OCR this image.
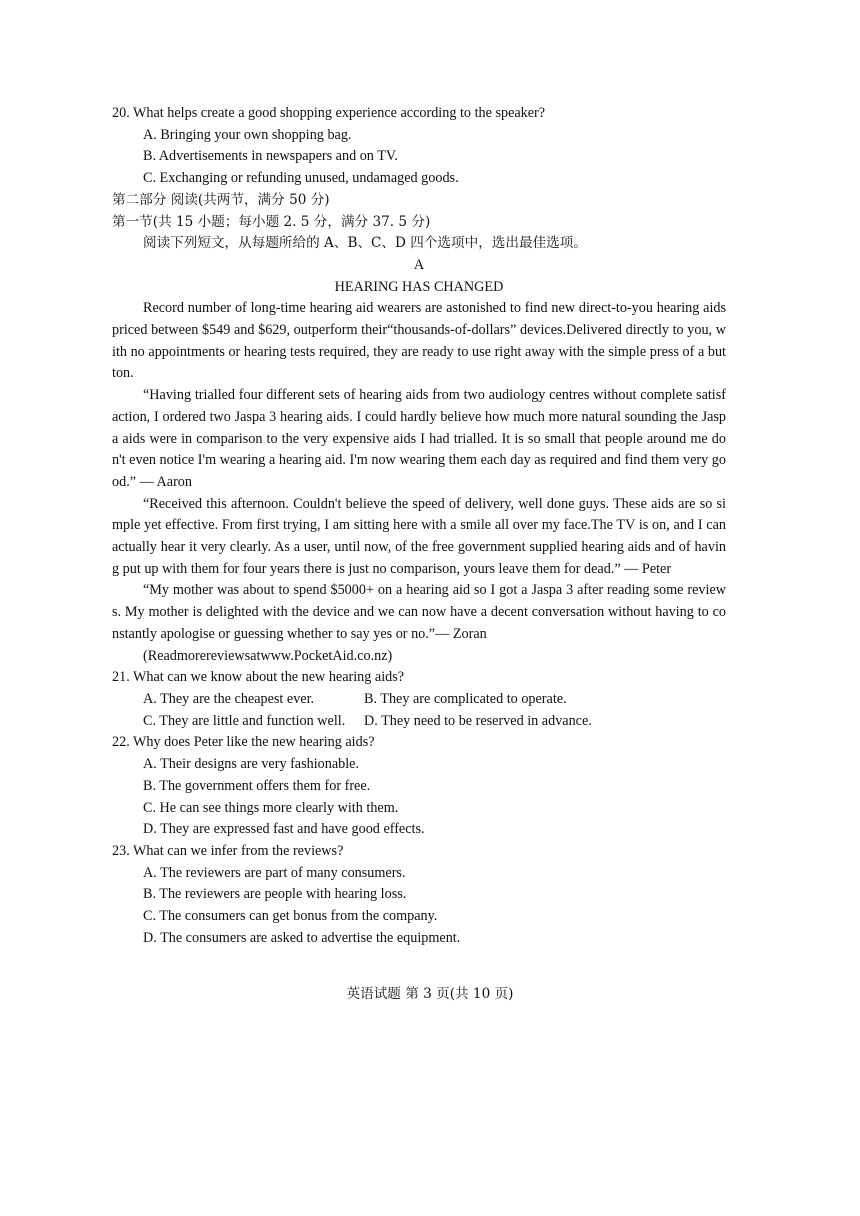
20. What helps create a good shopping experience according to the speaker?
A. Bringing your own shopping bag.
B. Advertisements in newspapers and on TV.
C. Exchanging or refunding unused, undamaged goods.
第二部分 阅读(共两节，满分 50 分)
第一节(共 15 小题；每小题 2. 5 分，满分 37. 5 分)
阅读下列短文，从每题所给的 A、B、C、D 四个选项中，选出最佳选项。
A
HEARING HAS CHANGED
Record number of long-time hearing aid wearers are astonished to find new direct-to-you hearing aids priced between $549 and $629, outperform their“thousands-of-dollars” devices.Delivered directly to you, with no appointments or hearing tests required, they are ready to use right away with the simple press of a button.
“Having trialled four different sets of hearing aids from two audiology centres without complete satisfaction, I ordered two Jaspa 3 hearing aids. I could hardly believe how much more natural sounding the Jaspa aids were in comparison to the very expensive aids I had trialled. It is so small that people around me don't even notice I'm wearing a hearing aid. I'm now wearing them each day as required and find them very good.” — Aaron
“Received this afternoon. Couldn't believe the speed of delivery, well done guys. These aids are so simple yet effective. From first trying, I am sitting here with a smile all over my face.The TV is on, and I can actually hear it very clearly. As a user, until now, of the free government supplied hearing aids and of having put up with them for four years there is just no comparison, yours leave them for dead.” — Peter
“My mother was about to spend $5000+ on a hearing aid so I got a Jaspa 3 after reading some reviews. My mother is delighted with the device and we can now have a decent conversation without having to constantly apologise or guessing whether to say yes or no.”— Zoran
(Readmorereviewsatwww.PocketAid.co.nz)
21. What can we know about the new hearing aids?
A. They are the cheapest ever.	B. They are complicated to operate.
C. They are little and function well.	D. They need to be reserved in advance.
22. Why does Peter like the new hearing aids?
A. Their designs are very fashionable.
B. The government offers them for free.
C. He can see things more clearly with them.
D. They are expressed fast and have good effects.
23. What can we infer from the reviews?
A. The reviewers are part of many consumers.
B. The reviewers are people with hearing loss.
C. The consumers can get bonus from the company.
D. The consumers are asked to advertise the equipment.
英语试题 第 3 页(共 10 页)
